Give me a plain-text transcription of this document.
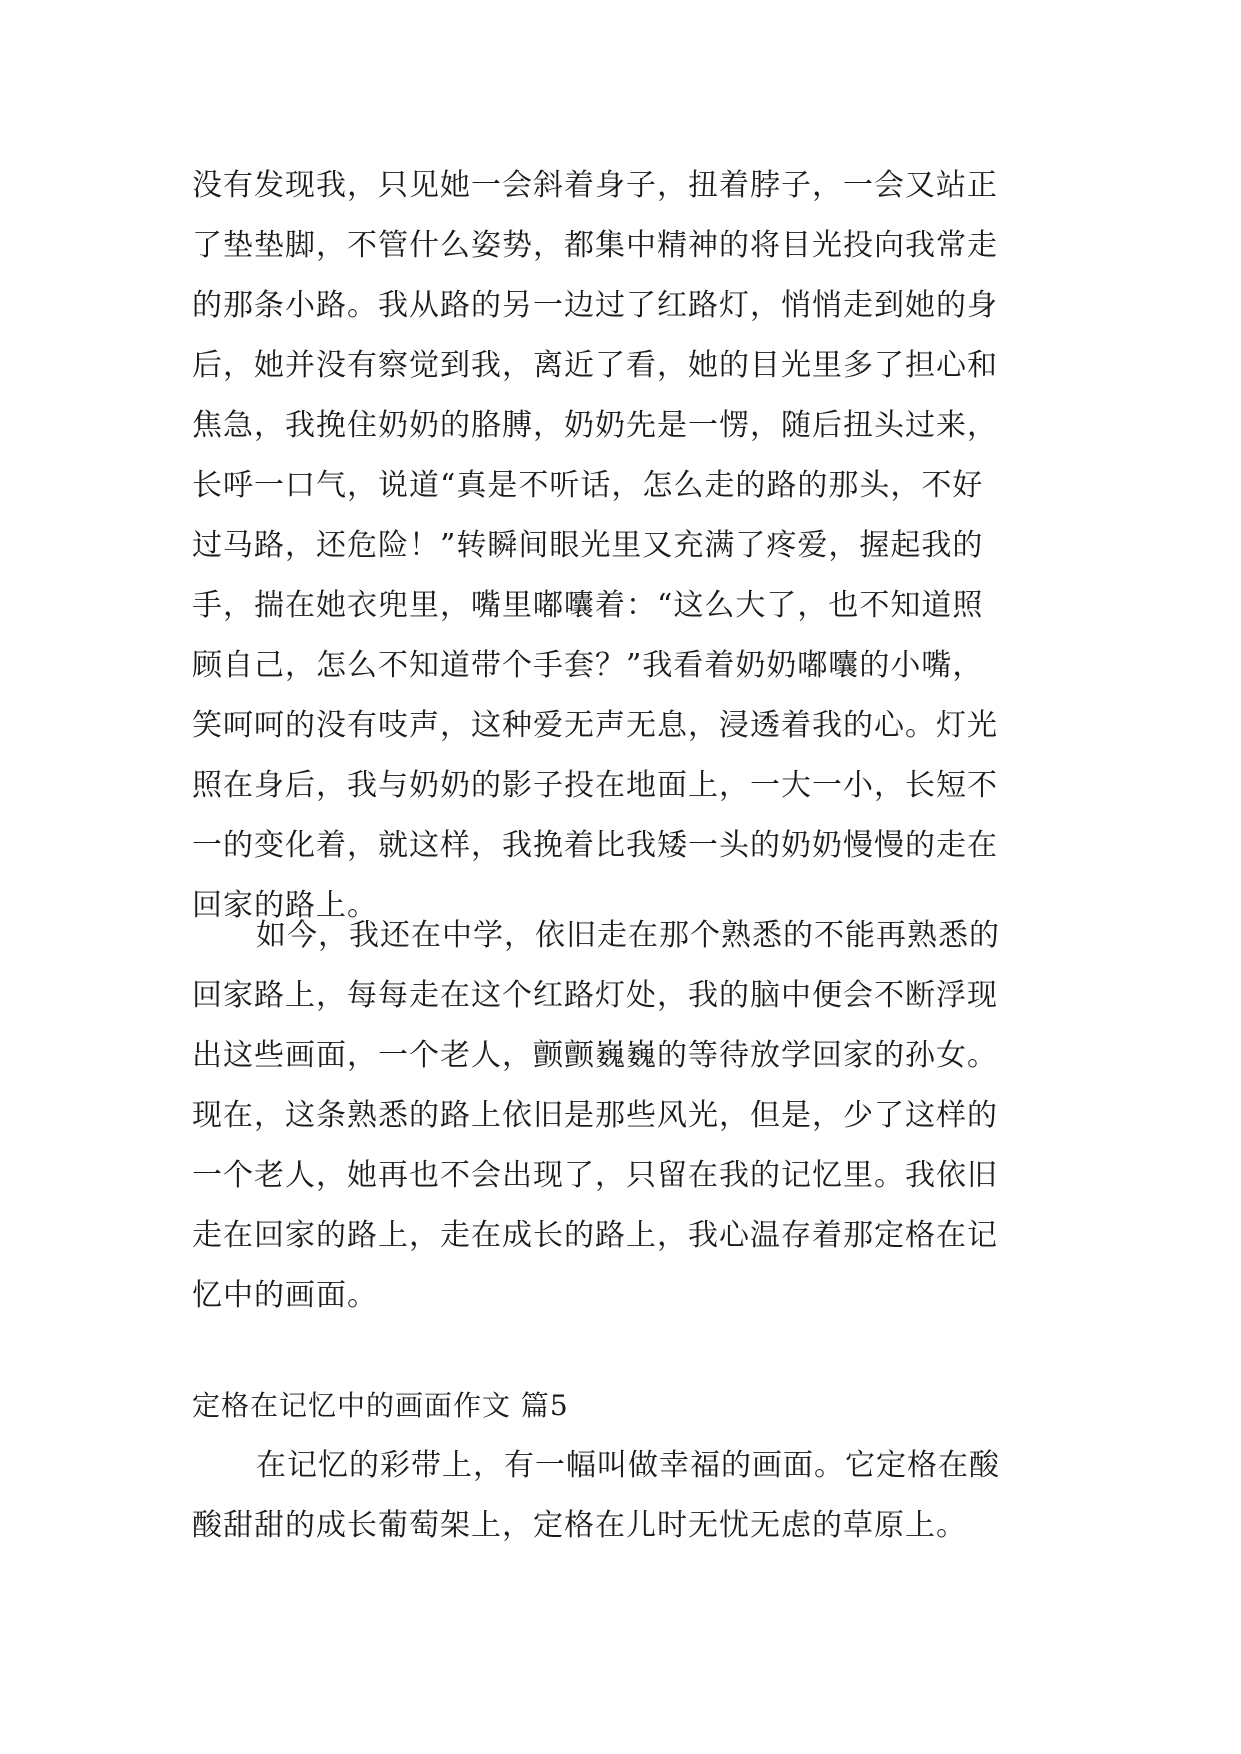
没有发现我，只见她一会斜着身子，扭着脖子，一会又站正
了垫垫脚，不管什么姿势，都集中精神的将目光投向我常走
的那条小路。我从路的另一边过了红路灯，悄悄走到她的身
后，她并没有察觉到我，离近了看，她的目光里多了担心和
焦急，我挽住奶奶的胳膊，奶奶先是一愣，随后扭头过来，
长呼一口气，说道“真是不听话，怎么走的路的那头，不好
过马路，还危险！”转瞬间眼光里又充满了疼爱，握起我的
手，揣在她衣兜里，嘴里嘟囔着：“这么大了，也不知道照
顾自己，怎么不知道带个手套？”我看着奶奶嘟囔的小嘴，
笑呵呵的没有吱声，这种爱无声无息，浸透着我的心。灯光
照在身后，我与奶奶的影子投在地面上，一大一小，长短不
一的变化着，就这样，我挽着比我矮一头的奶奶慢慢的走在
回家的路上。
如今，我还在中学，依旧走在那个熟悉的不能再熟悉的
回家路上，每每走在这个红路灯处，我的脑中便会不断浮现
出这些画面，一个老人，颤颤巍巍的等待放学回家的孙女。
现在，这条熟悉的路上依旧是那些风光，但是，少了这样的
一个老人，她再也不会出现了，只留在我的记忆里。我依旧
走在回家的路上，走在成长的路上，我心温存着那定格在记
忆中的画面。
定格在记忆中的画面作文 篇5
在记忆的彩带上，有一幅叫做幸福的画面。它定格在酸
酸甜甜的成长葡萄架上，定格在儿时无忧无虑的草原上。
